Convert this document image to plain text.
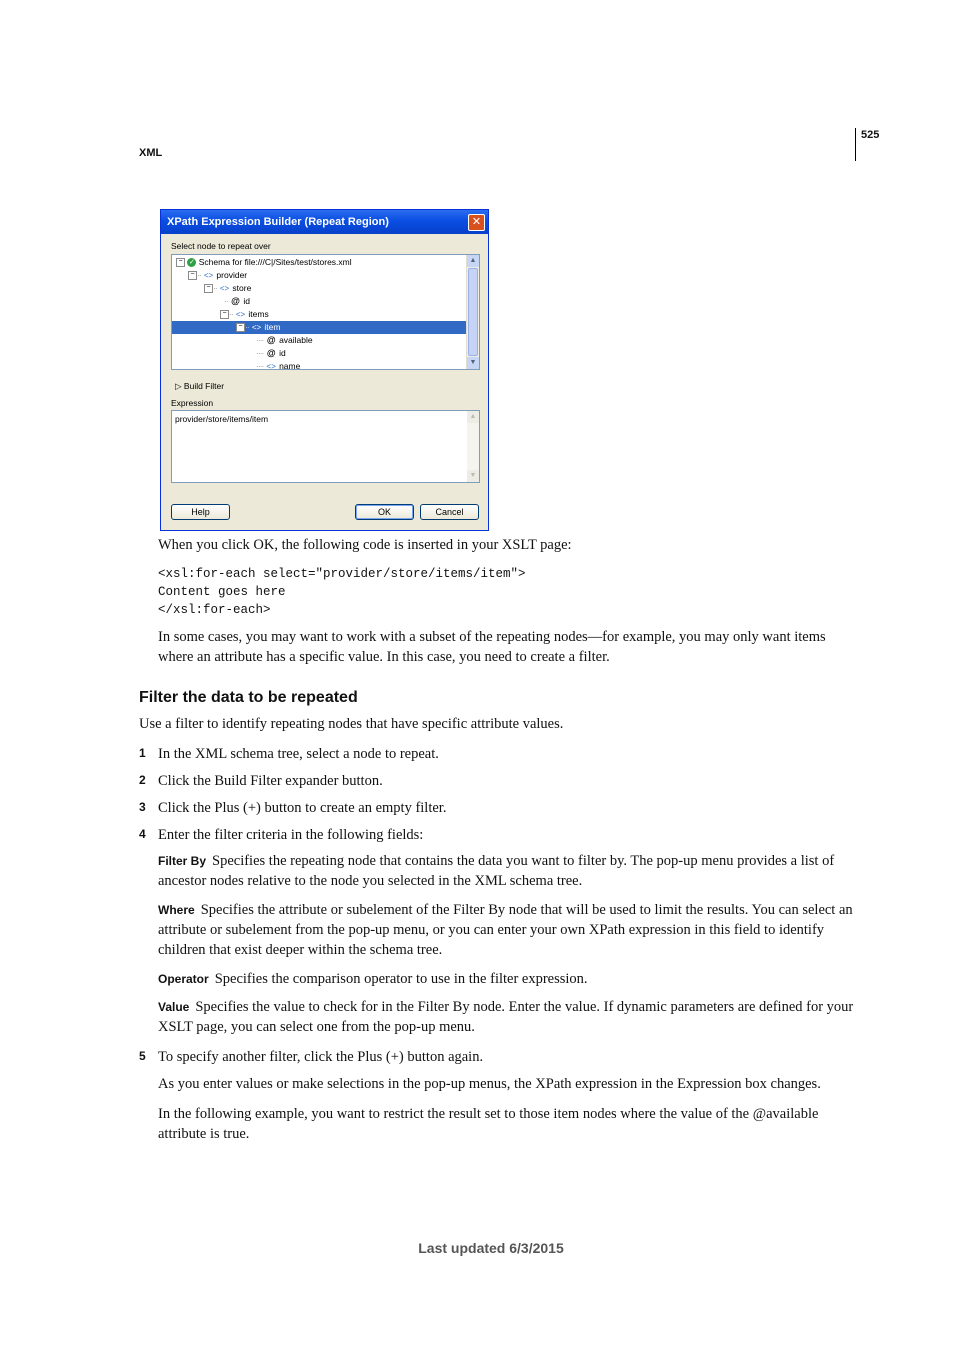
XML
525
XPath Expression Builder (Repeat Region)	✕
Select node to repeat over
− ✓ Schema for file:///C|/Sites/test/stores.xml
− ·· <> provider
− ·· <> store
·· @ id
− ·· <> items
− ·· <> item
···· @ available
···· @ id
···· <> name
▲
▼
▷ Build Filter
Expression
provider/store/items/item	▲
▼
Help	OK	Cancel
When you click OK, the following code is inserted in your XSLT page:
<xsl:for-each select="provider/store/items/item">
Content goes here
</xsl:for-each>
In some cases, you may want to work with a subset of the repeating nodes—for example, you may only want items where an attribute has a specific value. In this case, you need to create a filter.
Filter the data to be repeated
Use a filter to identify repeating nodes that have specific attribute values.
1 In the XML schema tree, select a node to repeat.
2 Click the Build Filter expander button.
3 Click the Plus (+) button to create an empty filter.
4 Enter the filter criteria in the following fields:
Filter By Specifies the repeating node that contains the data you want to filter by. The pop-up menu provides a list of ancestor nodes relative to the node you selected in the XML schema tree.
Where Specifies the attribute or subelement of the Filter By node that will be used to limit the results. You can select an attribute or subelement from the pop-up menu, or you can enter your own XPath expression in this field to identify children that exist deeper within the schema tree.
Operator Specifies the comparison operator to use in the filter expression.
Value Specifies the value to check for in the Filter By node. Enter the value. If dynamic parameters are defined for your XSLT page, you can select one from the pop-up menu.
5 To specify another filter, click the Plus (+) button again.
As you enter values or make selections in the pop-up menus, the XPath expression in the Expression box changes.
In the following example, you want to restrict the result set to those item nodes where the value of the @available attribute is true.
Last updated 6/3/2015
